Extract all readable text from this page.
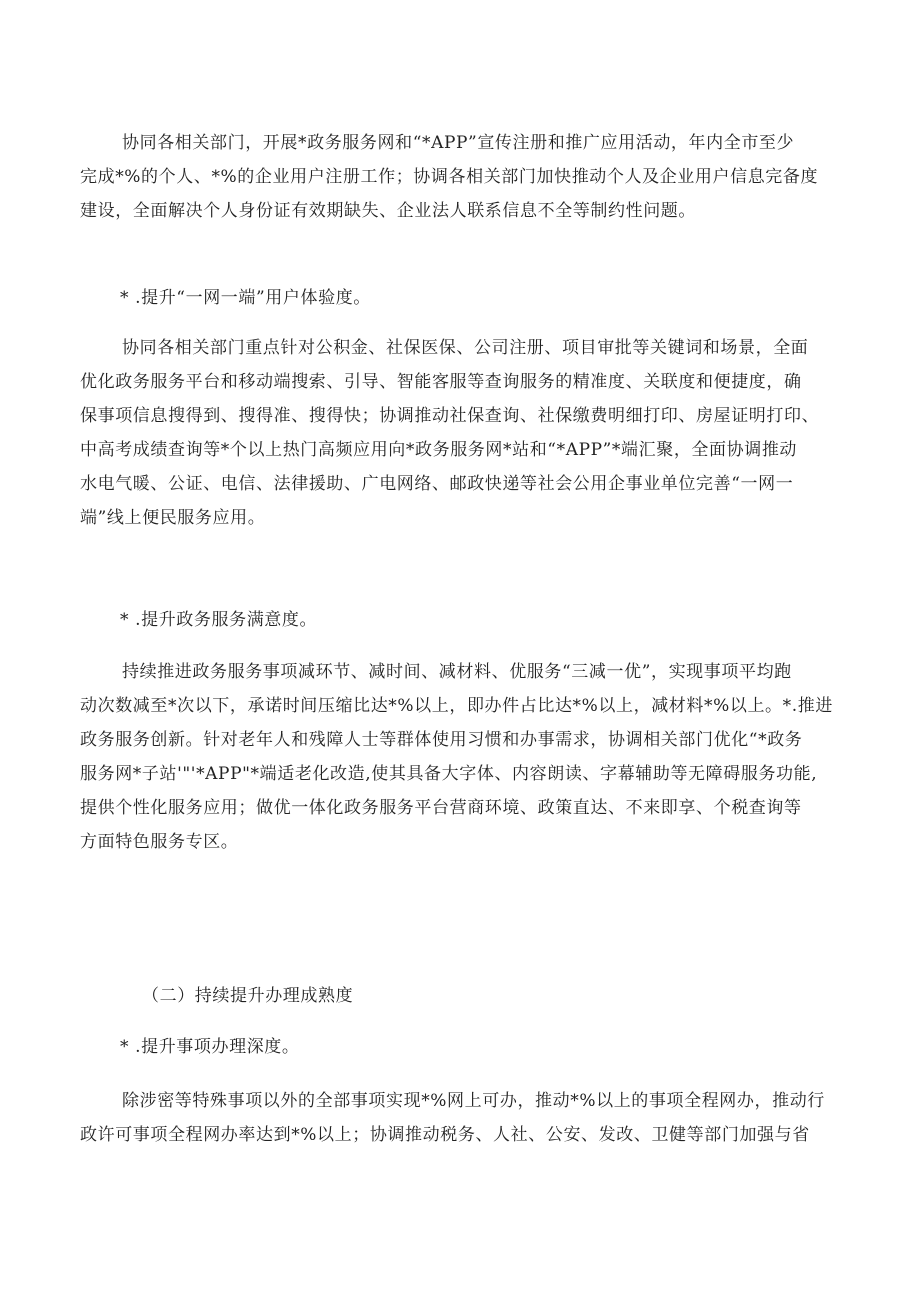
协同各相关部门，开展*政务服务网和“*APP”宣传注册和推广应用活动，年内全市至少
完成*%的个人、*%的企业用户注册工作；协调各相关部门加快推动个人及企业用户信息完备度
建设，全面解决个人身份证有效期缺失、企业法人联系信息不全等制约性问题。
* .提升“一网一端”用户体验度。
协同各相关部门重点针对公积金、社保医保、公司注册、项目审批等关键词和场景，全面
优化政务服务平台和移动端搜索、引导、智能客服等查询服务的精准度、关联度和便捷度，确
保事项信息搜得到、搜得准、搜得快；协调推动社保查询、社保缴费明细打印、房屋证明打印、
中高考成绩查询等*个以上热门高频应用向*政务服务网*站和“*APP”*端汇聚，全面协调推动
水电气暖、公证、电信、法律援助、广电网络、邮政快递等社会公用企事业单位完善“一网一
端”线上便民服务应用。
* .提升政务服务满意度。
持续推进政务服务事项减环节、减时间、减材料、优服务“三减一优”，实现事项平均跑
动次数减至*次以下，承诺时间压缩比达*%以上，即办件占比达*%以上，减材料*%以上。*.推进
政务服务创新。针对老年人和残障人士等群体使用习惯和办事需求，协调相关部门优化“*政务
服务网*子站'"'*APP"*端适老化改造,使其具备大字体、内容朗读、字幕辅助等无障碍服务功能,
提供个性化服务应用；做优一体化政务服务平台营商环境、政策直达、不来即享、个税查询等
方面特色服务专区。
（二）持续提升办理成熟度
* .提升事项办理深度。
除涉密等特殊事项以外的全部事项实现*%网上可办，推动*%以上的事项全程网办，推动行
政许可事项全程网办率达到*%以上；协调推动税务、人社、公安、发改、卫健等部门加强与省
